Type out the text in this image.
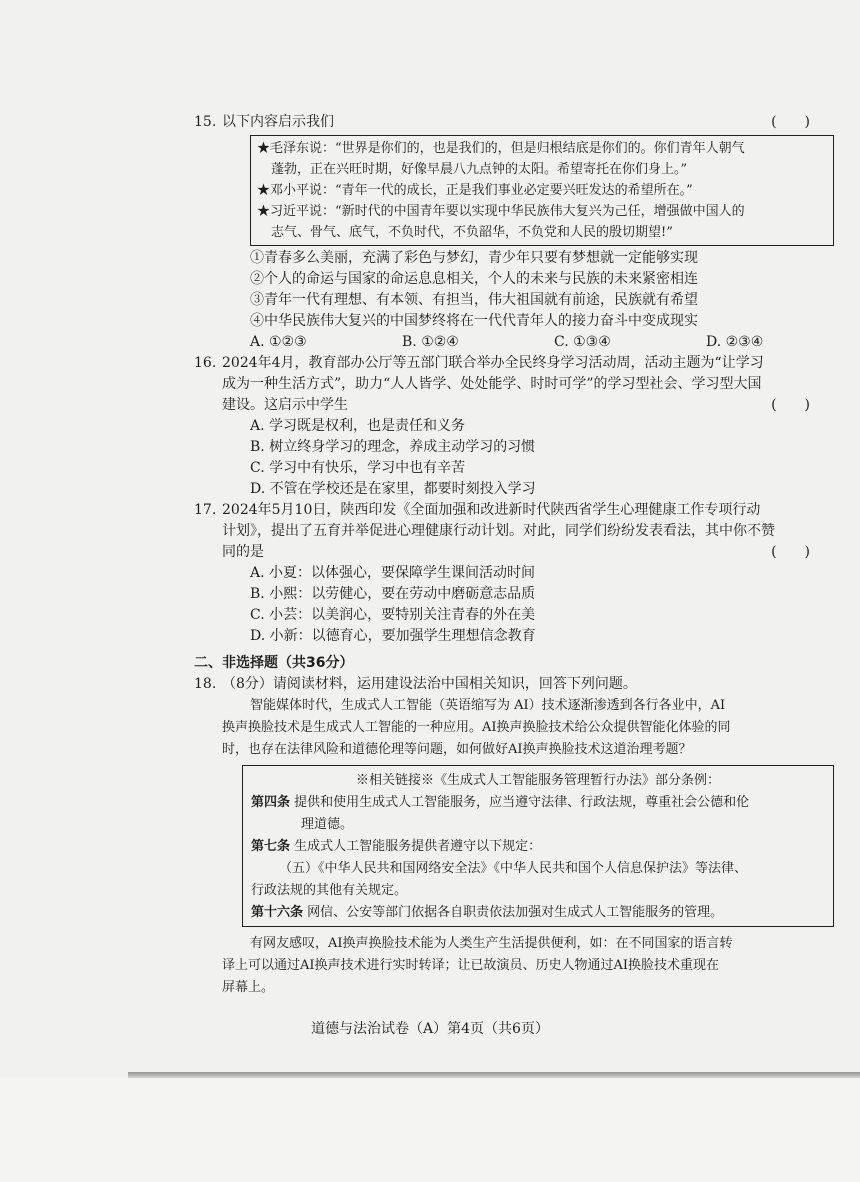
15. 以下内容启示我们	(　　)
★毛泽东说：“世界是你们的，也是我们的，但是归根结底是你们的。你们青年人朝气
蓬勃，正在兴旺时期，好像早晨八九点钟的太阳。希望寄托在你们身上。”
★邓小平说：“青年一代的成长，正是我们事业必定要兴旺发达的希望所在。”
★习近平说：“新时代的中国青年要以实现中华民族伟大复兴为己任，增强做中国人的
志气、骨气、底气，不负时代，不负韶华，不负党和人民的殷切期望!”
①青春多么美丽，充满了彩色与梦幻，青少年只要有梦想就一定能够实现
②个人的命运与国家的命运息息相关，个人的未来与民族的未来紧密相连
③青年一代有理想、有本领、有担当，伟大祖国就有前途，民族就有希望
④中华民族伟大复兴的中国梦终将在一代代青年人的接力奋斗中变成现实
A. ①②③	B. ①②④	C. ①③④	D. ②③④
16. 2024年4月，教育部办公厅等五部门联合举办全民终身学习活动周，活动主题为“让学习
成为一种生活方式”，助力“人人皆学、处处能学、时时可学”的学习型社会、学习型大国
建设。这启示中学生	(　　)
A. 学习既是权利，也是责任和义务
B. 树立终身学习的理念，养成主动学习的习惯
C. 学习中有快乐，学习中也有辛苦
D. 不管在学校还是在家里，都要时刻投入学习
17. 2024年5月10日，陕西印发《全面加强和改进新时代陕西省学生心理健康工作专项行动
计划》，提出了五育并举促进心理健康行动计划。对此，同学们纷纷发表看法，其中你不赞
同的是	(　　)
A. 小夏：以体强心，要保障学生课间活动时间
B. 小熙：以劳健心，要在劳动中磨砺意志品质
C. 小芸：以美润心，要特别关注青春的外在美
D. 小新：以德育心，要加强学生理想信念教育
二、非选择题（共36分）
18. （8分）请阅读材料，运用建设法治中国相关知识，回答下列问题。
智能媒体时代，生成式人工智能（英语缩写为 AI）技术逐渐渗透到各行各业中，AI
换声换脸技术是生成式人工智能的一种应用。AI换声换脸技术给公众提供智能化体验的同
时，也存在法律风险和道德伦理等问题，如何做好AI换声换脸技术这道治理考题？
※相关链接※《生成式人工智能服务管理暂行办法》部分条例：
第四条 提供和使用生成式人工智能服务，应当遵守法律、行政法规，尊重社会公德和伦
理道德。
第七条 生成式人工智能服务提供者遵守以下规定：
（五）《中华人民共和国网络安全法》《中华人民共和国个人信息保护法》等法律、
行政法规的其他有关规定。
第十六条 网信、公安等部门依据各自职责依法加强对生成式人工智能服务的管理。
有网友感叹，AI换声换脸技术能为人类生产生活提供便利，如：在不同国家的语言转
译上可以通过AI换声技术进行实时转译；让已故演员、历史人物通过AI换脸技术重现在
屏幕上。
道德与法治试卷（A）第4页（共6页）
